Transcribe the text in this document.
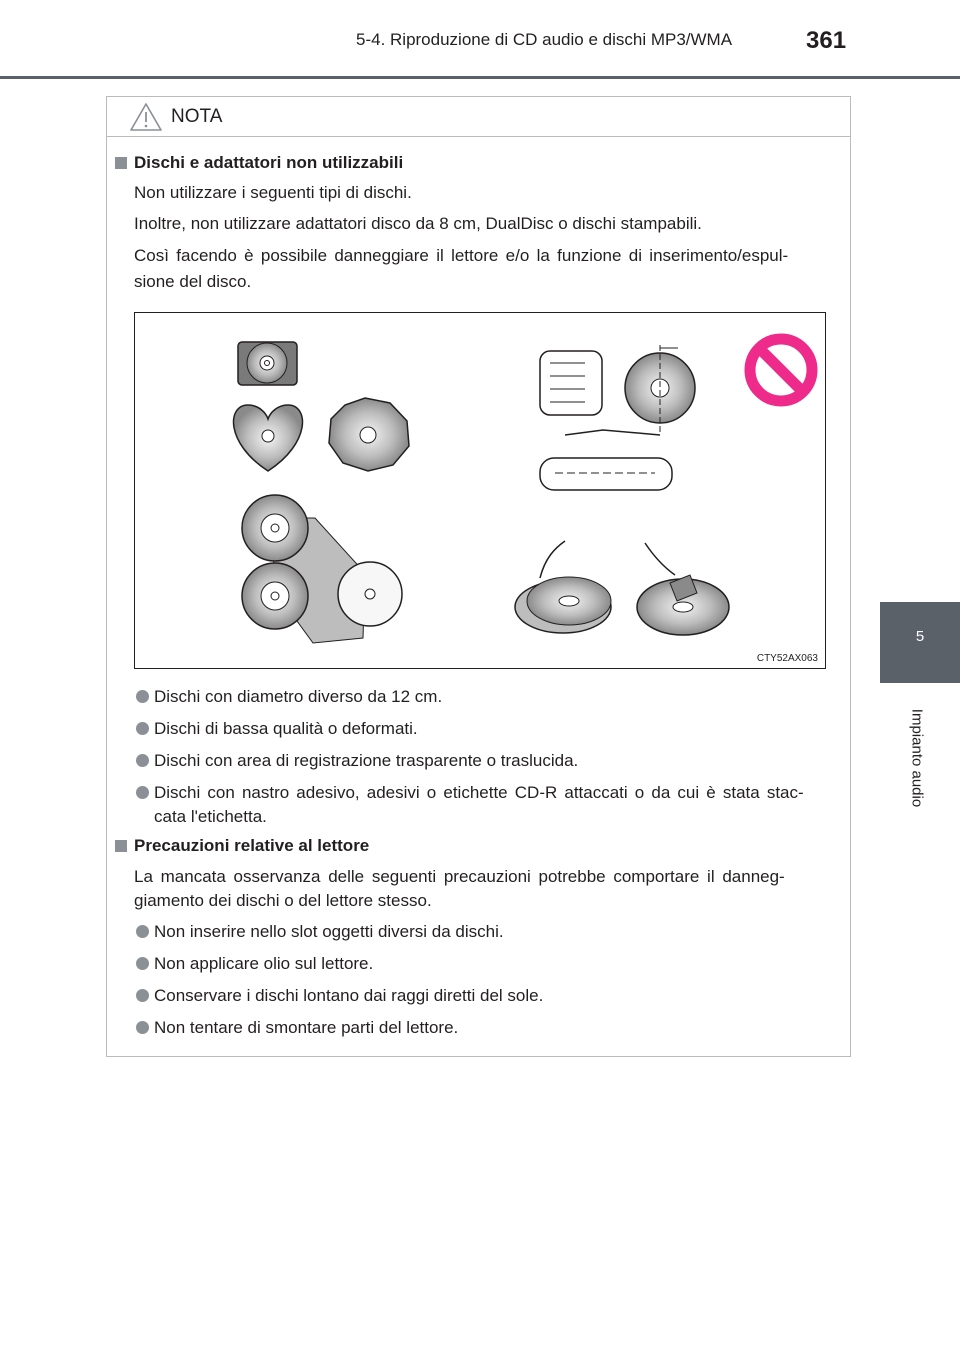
5-4. Riproduzione di CD audio e dischi MP3/WMA	361
5
Impianto audio
NOTA
Dischi e adattatori non utilizzabili
Non utilizzare i seguenti tipi di dischi.
Inoltre, non utilizzare adattatori disco da 8 cm, DualDisc o dischi stampabili.
Così facendo è possibile danneggiare il lettore e/o la funzione di inserimento/espul-
sione del disco.
CTY52AX063
Dischi con diametro diverso da 12 cm.
Dischi di bassa qualità o deformati.
Dischi con area di registrazione trasparente o traslucida.
Dischi con nastro adesivo, adesivi o etichette CD-R attaccati o da cui è stata stac-
cata l'etichetta.
Precauzioni relative al lettore
La mancata osservanza delle seguenti precauzioni potrebbe comportare il danneg-
giamento dei dischi o del lettore stesso.
Non inserire nello slot oggetti diversi da dischi.
Non applicare olio sul lettore.
Conservare i dischi lontano dai raggi diretti del sole.
Non tentare di smontare parti del lettore.
